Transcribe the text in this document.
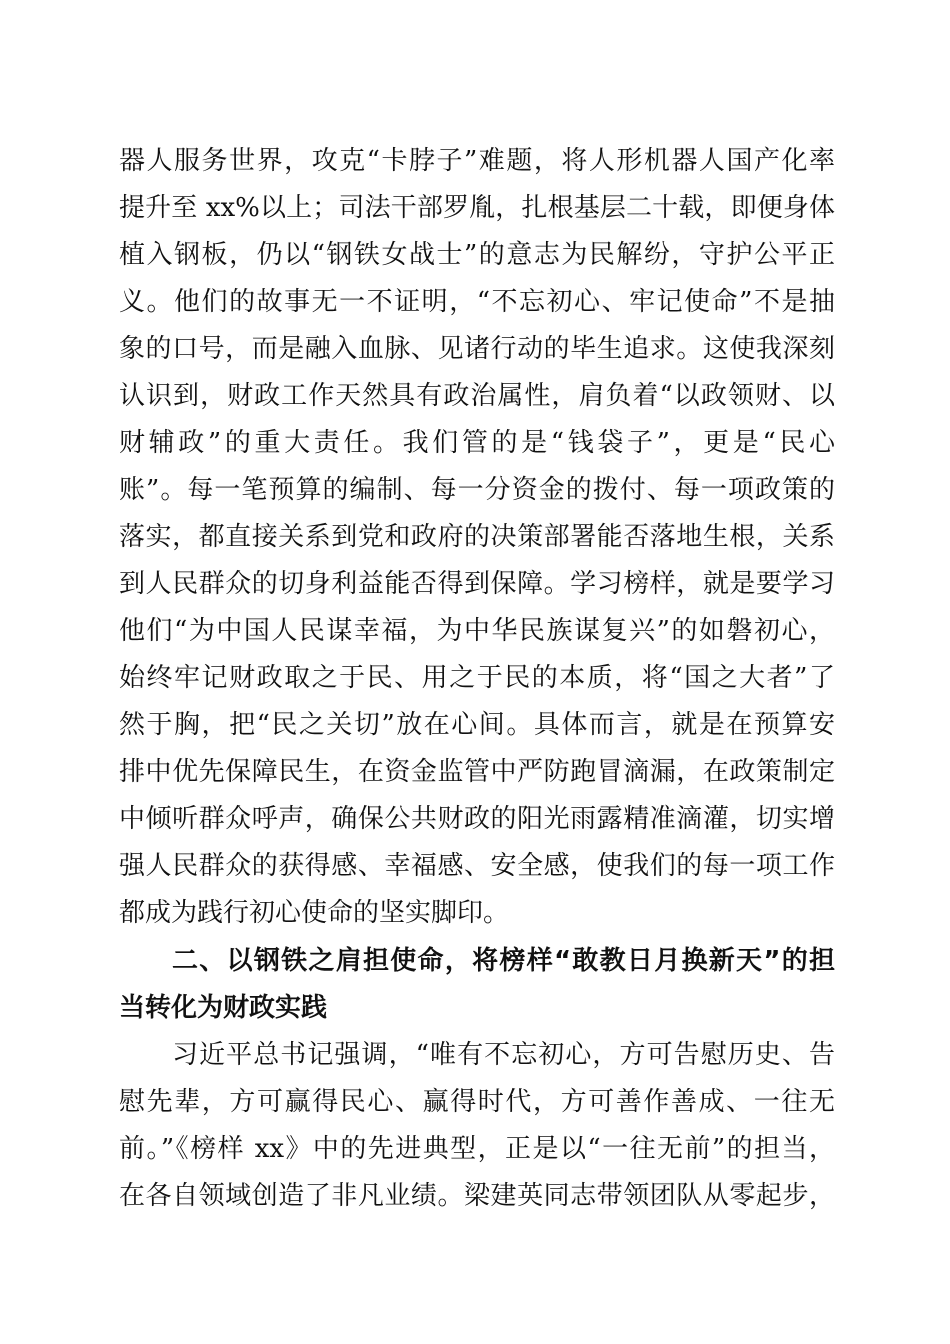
器人服务世界，攻克“卡脖子”难题，将人形机器人国产化率
提升至 xx%以上；司法干部罗胤，扎根基层二十载，即便身体
植入钢板，仍以“钢铁女战士”的意志为民解纷，守护公平正
义。他们的故事无一不证明，“不忘初心、牢记使命”不是抽
象的口号，而是融入血脉、见诸行动的毕生追求。这使我深刻
认识到，财政工作天然具有政治属性，肩负着“以政领财、以
财辅政”的重大责任。我们管的是“钱袋子”，更是“民心
账”。每一笔预算的编制、每一分资金的拨付、每一项政策的
落实，都直接关系到党和政府的决策部署能否落地生根，关系
到人民群众的切身利益能否得到保障。学习榜样，就是要学习
他们“为中国人民谋幸福，为中华民族谋复兴”的如磐初心，
始终牢记财政取之于民、用之于民的本质，将“国之大者”了
然于胸，把“民之关切”放在心间。具体而言，就是在预算安
排中优先保障民生，在资金监管中严防跑冒滴漏，在政策制定
中倾听群众呼声，确保公共财政的阳光雨露精准滴灌，切实增
强人民群众的获得感、幸福感、安全感，使我们的每一项工作
都成为践行初心使命的坚实脚印。
二、以钢铁之肩担使命，将榜样“敢教日月换新天”的担
当转化为财政实践
习近平总书记强调，“唯有不忘初心，方可告慰历史、告
慰先辈，方可赢得民心、赢得时代，方可善作善成、一往无
前。”《榜样 xx》中的先进典型，正是以“一往无前”的担当，
在各自领域创造了非凡业绩。梁建英同志带领团队从零起步，
